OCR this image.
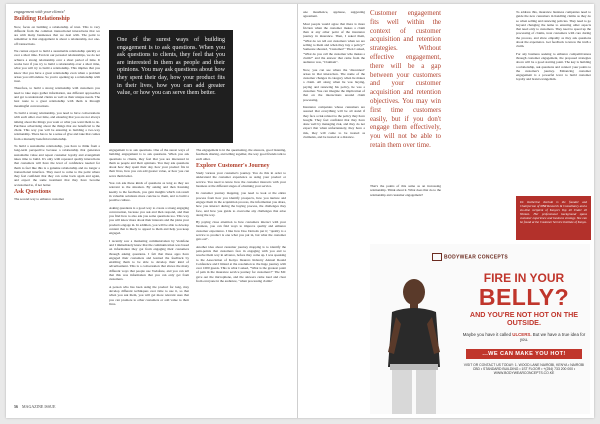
engagement with your clients!
Building Relationship

Now, focus on building a relationship of trust. This is very different from the common transactional interactions that we are with many businesses that we deal with. The point to remember is that engagement is about a relationship, not one-off transactions.

We cannot expect to build a sustainable relationship quickly or over a short time. Even in our personal relationships, we do not achieve a strong relationship over a short period of time. It works best if you try to build a relationship over a short time, what you will try to build a relationship. This implies that you know that you have a great relationship even when a problem arises you still endure. So you're opening up a relationship with trust.

Therefore, to build a strong relationship with customers you need to take steps gather information, use different approaches and get to understand clients as well as their unique needs. The best route to a great relationship with them is through meaningful conversations.

To build a strong relationship, you need to have conversations with each other over time, and ensuring that you are not always talking about the things you want or what you want them to do. Purchase advertising about the things that are beneficial to the client. This way you will be ensuring to building a two-way relationship. There has to be a sense of give and take that comes from a mutually beneficial relationship.

To build a sustainable relationship, you have to think from a long-term perspective because a relationship that generates sustainable value and repeat customer loyalty and evangelism takes time to build. It's only with repeated quality interactions that customers will have the level of confidence needed for them to feel like this is a genuine relationship and no longer a transactional interface. They need to come to the point where they feel confident that they can come back again and again, and expect the same treatment that they have become accustomed to, if not better.

Ask Questions

The second way to enhance customer

One of the surest ways of building engagement is to ask questions. When you ask questions to clients, they feel that you are interested in them as people and their opinions. You may ask questions about how they spent their day, how your product fits in their lives, how you can add greater value, or how you can serve them better.

engagement is to ask questions. One of the surest ways of building engagement is to ask questions. When you ask questions to clients, they feel that you are interested in them as people and their opinions. You may ask questions about how they spent their day, how your product fits in their lives, how you can add greater value, or how you can serve them better.

You can ask these kinds of questions as long as they are relevant to the situation. By asking and then listening keenly to the feedback, you gain insights which can result in valuable solutions more concise to them, and to build a positive culture.

Asking questions is a good way to create a strong engaging conversation, because you ask and then respond, and then you find how to also ask you some questions too. This way you will know more about their interests and the plans your products engage in. In addition, you will be able to develop content that is likely to appeal to them and help you keep engaged.

I recently saw a marketing communication by Vodafone and I immediately knew that the communication was based on information they got from engaging their customers through asking questions. I felt that these apps have engaged their customers and learned the feedback by enabling them to be able to develop their kind of advertisement. This is a conversation that shows the many different ways that people use Vodafone, and you can tell that this was information that you can only get from customers.

A person who has been using the product for long, may develop different techniques over time to use it, so that when you ask them, you will get more relevant uses that you can promote to other customers or add value to their lives.

The engagement is in the questioning, the answers, good listening, feedback sharing, and telling together, the way good friends talk to each other.

Explore Customer's Journey

Study various your customer's journey. You do this in order to understand the customer experience as using your product or service. You need to know how the customer interacts with your business at the different stages of obtaining your service.

In customer journey mapping, you need to look at the entire process from how you identify prospects, how you nurture and engage them in the acquisition process, the information you share, how you interact during the buying process, the challenges they face, and how you guide to overcome any challenges that arise along the way.

By paying close attention to how customers interact with your business, you can find ways to improve quality and enhance customer experience. I like how Doo Detroits put it; "quality is a service to product is one what you put in, but what the customer gets out".

Another idea about customer journey mapping is to identify the pain-points that customers face in engaging with you and to resolve them way in advance, before they come up. I was speaking to the Association of Kenya Insurers Industry Annual Round Conference and I hinted at the resolution to the huge journey with over 1000 guests. This is what I asked, "What is the greatest point of pain in the insurance service journey for customers?" The MC gave out the microphone, and the answers came loud and clear from everyone in the audience, "when processing claims"

56 MAGAZINE ISSUE

one inaudience, applause, suggesting agreement.

Most people would agree that there is more friction when the customer makes a claim than at any other point of the insurance journey in insurance. Then, I asked them, "What do we tell our customers when we are selling to them and when they buy a policy?" Someone shouted, "Customer!" Then I asked, "What do you call the customer who makes a claim?" and the answer that came from the audience was, "Claimant".

Now, you can see where the 'disconnect' arises in that interaction. The name of the customer changes in category when he makes a claim. All along when he was buying, paying and renewing his policy, he was a customer. You can imagine the implication of that on the interactions around claim processing.

Insurance companies whose customers are assured that everything will be all stand if they face a risk related to the policy they have bought. They feel confident that they have done well by managing risk, and they do not expect that when unfortunately, they have a risk, they will come to be treated as claimants, and be treated at a distance.

Customer engagement fits well within the context of customer acquisition and retention strategies. Without effective engagement, there will be a gap between your customers and your customer acquisition and retention objectives. You may win first time customers easily, but if you don't engage them effectively, you will not be able to retain them over time.

That's the points of this same as an increasing relationship. Think about it. What does that do to the relationship and customer engagement?

To address this, insurance business companies need to guide the new customers in handling claims as they do so when selling and renewing policies. They need to go beyond changing the name to ensuring other aspects that need only to customers. They need to speed up the processing of claims, treat customers with care during the process, and show empathy as they ask questions about the experience. Get feedback to know the truth a claim.

For any business seeking to enhance competitiveness through customer engagement, the proposed strategies above will be a good starting point. The key is building a relationship, ask questions and connect your points to the customer's journey. Enhancing customer engagement is a powerful lever to build customer loyalty and brand evangelism.

Dr. Katherine Kariuki is the founder and Chairperson of NBR Research & Consultancy and a six-time recipient of Kenya's Top 40 Under 40 Women. Her professional background spans customer experience and business strategy. She can be found at the Customer Service Institute of Kenya.
BODYWEAR CONCEPTS
FIRE IN YOUR
BELLY?
AND YOU'RE NOT HOT ON THE OUTSIDE.
Maybe you have it called ULCERS. But we have a true idea for you.
...WE CAN MAKE YOU HOT!
VISIT OR CONTACT US TODAY: 1. WOOD LANE NAIROBI, KENYA • NAIROBI CBD • STANDARD BUILDING • 1ST FLOOR • +(254) 733 200 000 • WWW.BODYWEARCONCEPTS.CO.KE
